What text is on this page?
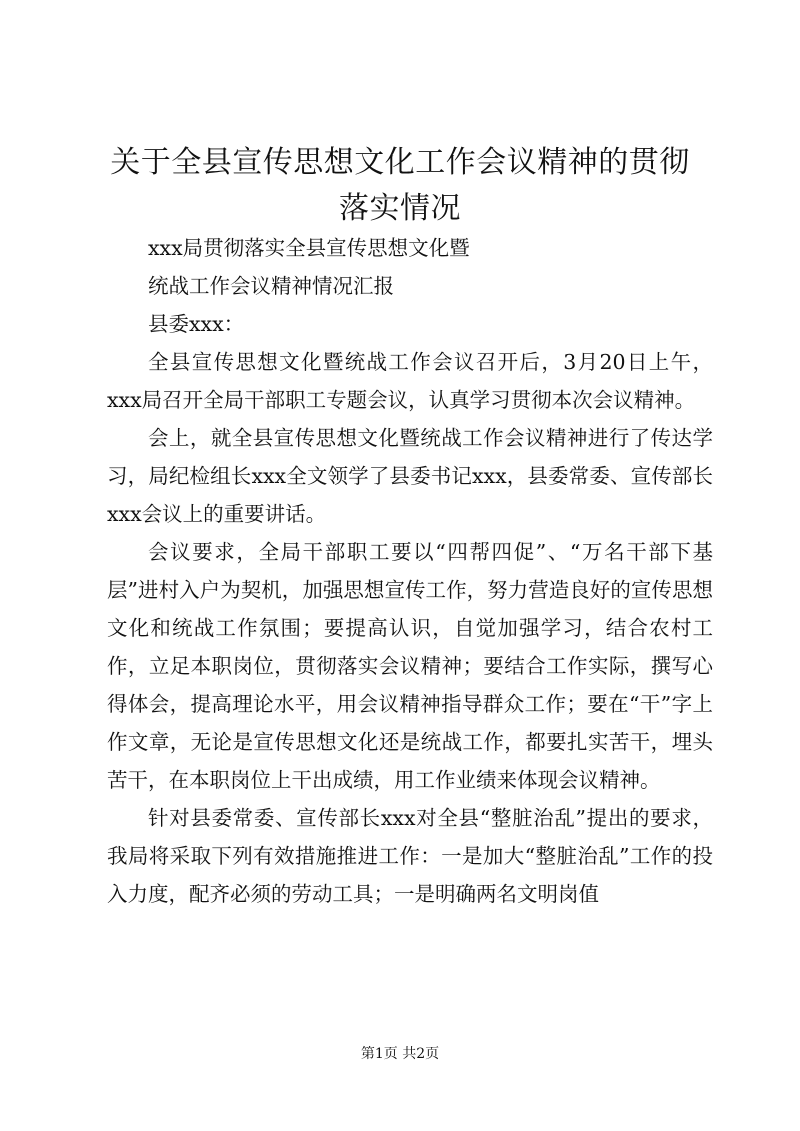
关于全县宣传思想文化工作会议精神的贯彻落实情况

xxx局贯彻落实全县宣传思想文化暨

统战工作会议精神情况汇报

县委xxx：

全县宣传思想文化暨统战工作会议召开后，3月20日上午，xxx局召开全局干部职工专题会议，认真学习贯彻本次会议精神。

会上，就全县宣传思想文化暨统战工作会议精神进行了传达学习，局纪检组长xxx全文领学了县委书记xxx，县委常委、宣传部长xxx会议上的重要讲话。

会议要求，全局干部职工要以“四帮四促”、“万名干部下基层”进村入户为契机，加强思想宣传工作，努力营造良好的宣传思想文化和统战工作氛围；要提高认识，自觉加强学习，结合农村工作，立足本职岗位，贯彻落实会议精神；要结合工作实际，撰写心得体会，提高理论水平，用会议精神指导群众工作；要在“干”字上作文章，无论是宣传思想文化还是统战工作，都要扎实苦干，埋头苦干，在本职岗位上干出成绩，用工作业绩来体现会议精神。

针对县委常委、宣传部长xxx对全县“整脏治乱”提出的要求，我局将采取下列有效措施推进工作：一是加大“整脏治乱”工作的投入力度，配齐必须的劳动工具；一是明确两名文明岗值

第1页 共2页
